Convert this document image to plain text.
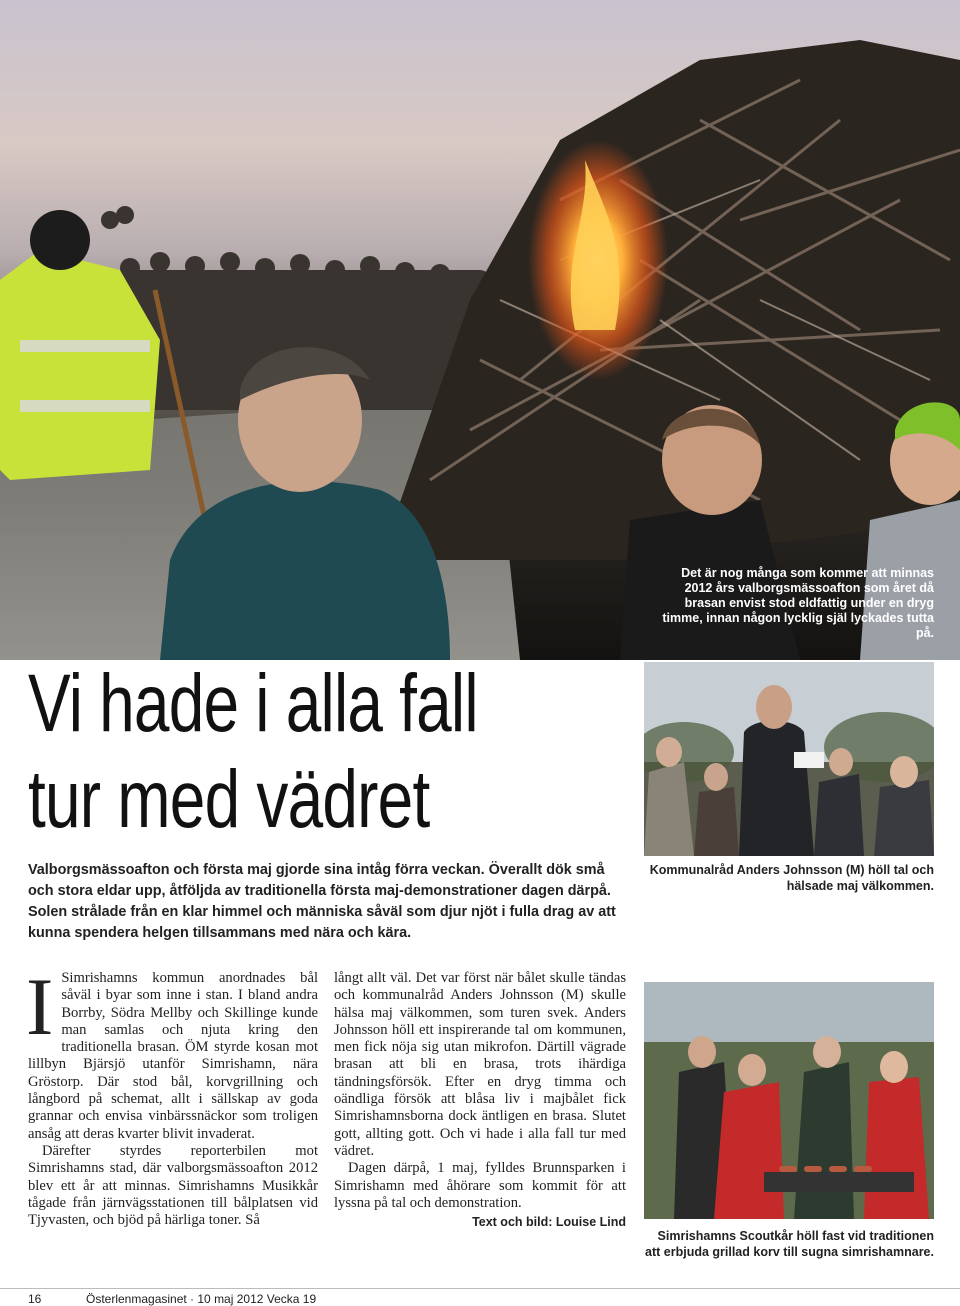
Det är nog många som kommer att minnas 2012 års valborgsmässoafton som året då brasan envist stod eldfattig under en dryg timme, innan någon lycklig själ lyckades tutta på.
Vi hade i alla fall
tur med vädret
Valborgsmässoafton och första maj gjorde sina intåg förra veckan. Överallt dök små och stora eldar upp, åtföljda av traditionella första maj-demonstrationer dagen därpå. Solen strålade från en klar himmel och människa såväl som djur njöt i fulla drag av att kunna spendera helgen tillsammans med nära och kära.
Kommunalråd Anders Johnsson (M) höll tal och hälsade maj välkommen.

I Simrishamns kommun anordnades bål såväl i byar som inne i stan. I bland andra Borrby, Södra Mellby och Skillinge kunde man samlas och njuta kring den traditionella brasan. ÖM styrde kosan mot lillbyn Bjärsjö utanför Simrishamn, nära Gröstorp. Där stod bål, korvgrillning och långbord på schemat, allt i sällskap av goda grannar och envisa vinbärssnäckor som troligen ansåg att deras kvarter blivit invaderat.

Därefter styrdes reporterbilen mot Simrishamns stad, där valborgsmässoafton 2012 blev ett år att minnas. Simrishamns Musikkår tågade från järnvägsstationen till bålplatsen vid Tjyvasten, och bjöd på härliga toner. Så

långt allt väl. Det var först när bålet skulle tändas och kommunalråd Anders Johnsson (M) skulle hälsa maj välkommen, som turen svek. Anders Johnsson höll ett inspirerande tal om kommunen, men fick nöja sig utan mikrofon. Därtill vägrade brasan att bli en brasa, trots ihärdiga tändningsförsök. Efter en dryg timma och oändliga försök att blåsa liv i majbålet fick Simrishamnsborna dock äntligen en brasa. Slutet gott, allting gott. Och vi hade i alla fall tur med vädret.

Dagen därpå, 1 maj, fylldes Brunnsparken i Simrishamn med åhörare som kommit för att lyssna på tal och demonstration.

Text och bild: Louise Lind
Simrishamns Scoutkår höll fast vid traditionen att erbjuda grillad korv till sugna simrishamnare.
16	Österlenmagasinet · 10 maj 2012 Vecka 19
